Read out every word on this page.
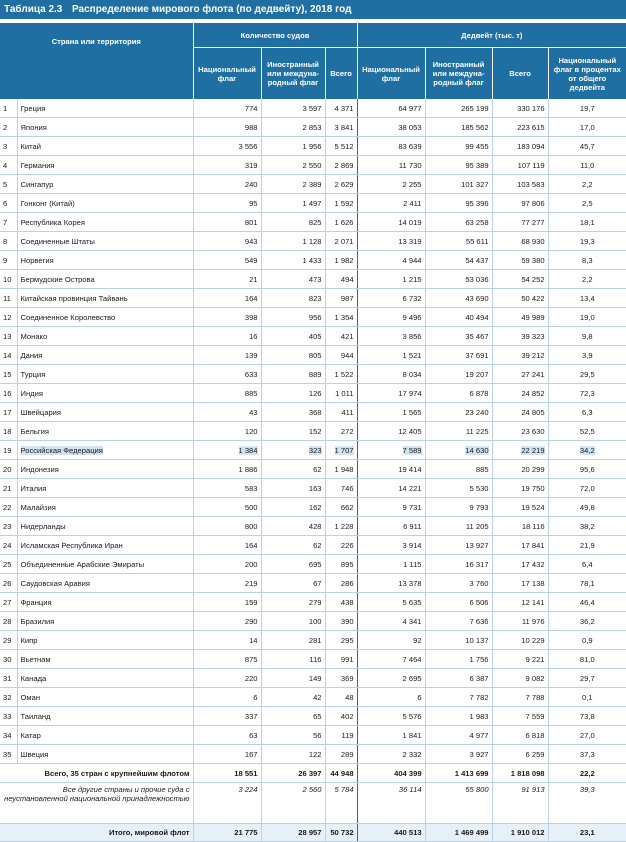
Таблица 2.3 Распределение мирового флота (по дедвейту), 2018 год
Страна или территория		Количество судов			Дедвейт (тыс. т)			
		Национальный флаг	Иностранный или международный флаг	Всего	Национальный флаг	Иностранный или международный флаг	Всего	Национальный флаг в процентах от общего дедвейта
1	Греция	774	3 597	4 371	64 977	265 199	330 176	19,7
2	Япония	988	2 853	3 841	38 053	185 562	223 615	17,0
3	Китай	3 556	1 956	5 512	83 639	99 455	183 094	45,7
4	Германия	319	2 550	2 869	11 730	95 389	107 119	11,0
5	Сингапур	240	2 389	2 629	2 255	101 327	103 583	2,2
6	Гонконг (Китай)	95	1 497	1 592	2 411	95 396	97 806	2,5
7	Республика Корея	801	825	1 626	14 019	63 258	77 277	18,1
8	Соединенные Штаты	943	1 128	2 071	13 319	55 611	68 930	19,3
9	Норвегия	549	1 433	1 982	4 944	54 437	59 380	8,3
10	Бермудские Острова	21	473	494	1 215	53 036	54 252	2,2
11	Китайская провинция Тайвань	164	823	987	6 732	43 690	50 422	13,4
12	Соединенное Королевство	398	956	1 354	9 496	40 494	49 989	19,0
13	Монако	16	405	421	3 856	35 467	39 323	9,8
14	Дания	139	805	944	1 521	37 691	39 212	3,9
15	Турция	633	889	1 522	8 034	19 207	27 241	29,5
16	Индия	885	126	1 011	17 974	6 878	24 852	72,3
17	Швейцария	43	368	411	1 565	23 240	24 805	6,3
18	Бельгия	120	152	272	12 405	11 225	23 630	52,5
19	Российская Федерация	1 384	323	1 707	7 589	14 630	22 219	34,2
20	Индонезия	1 886	62	1 948	19 414	885	20 299	95,6
21	Италия	583	163	746	14 221	5 530	19 750	72,0
22	Малайзия	500	162	662	9 731	9 793	19 524	49,8
23	Нидерланды	800	428	1 228	6 911	11 205	18 116	38,2
24	Исламская Республика Иран	164	62	226	3 914	13 927	17 841	21,9
25	Объединенные Арабские Эмираты	200	695	895	1 115	16 317	17 432	6,4
26	Саудовская Аравия	219	67	286	13 378	3 760	17 138	78,1
27	Франция	159	279	438	5 635	6 506	12 141	46,4
28	Бразилия	290	100	390	4 341	7 636	11 976	36,2
29	Кипр	14	281	295	92	10 137	10 229	0,9
30	Вьетнам	875	116	991	7 464	1 756	9 221	81,0
31	Канада	220	149	369	2 695	6 387	9 082	29,7
32	Оман	6	42	48	6	7 782	7 788	0,1
33	Таиланд	337	65	402	5 576	1 983	7 559	73,8
34	Катар	63	56	119	1 841	4 977	6 818	27,0
35	Швеция	167	122	289	2 332	3 927	6 259	37,3
Всего, 35 стран с крупнейшим флотом		18 551	26 397	44 948	404 399	1 413 699	1 818 098	22,2
Все другие страны и прочие суда с неустановленной национальной принадлежностью		3 224	2 560	5 784	36 114	55 800	91 913	39,3
Итого, мировой флот		21 775	28 957	50 732	440 513	1 469 499	1 910 012	23,1
